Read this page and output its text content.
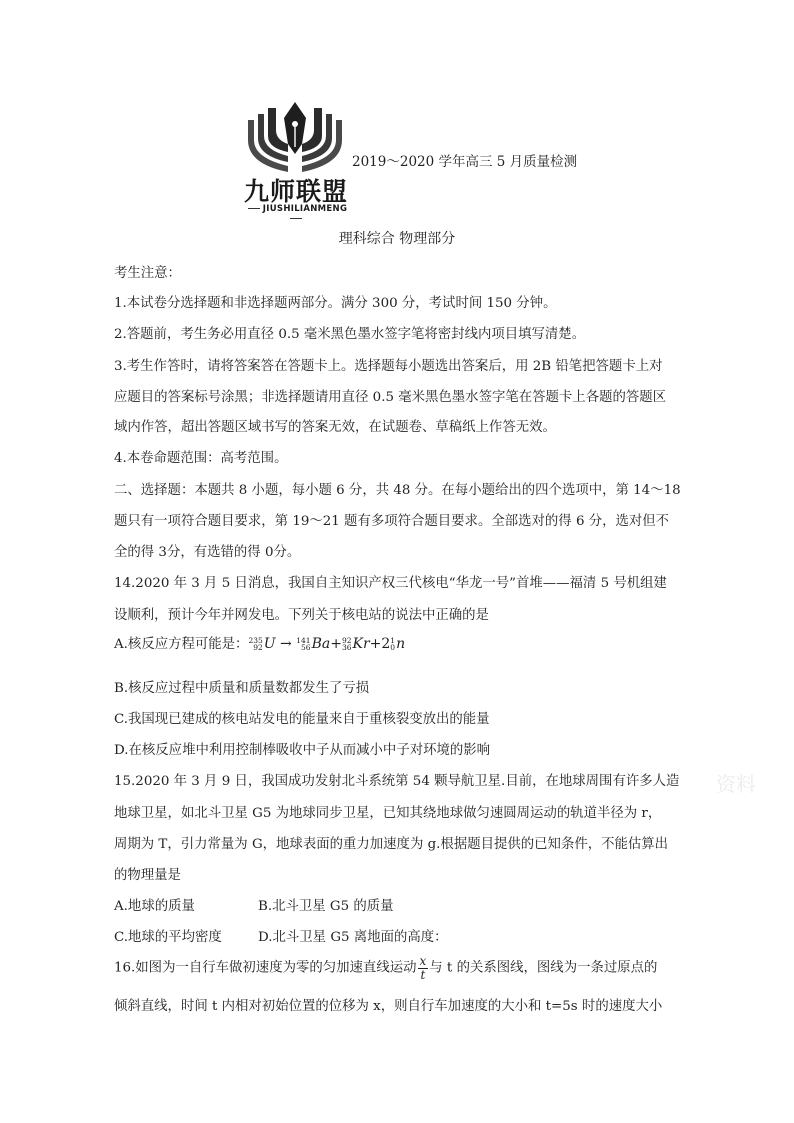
九师联盟
JIUSHILIANMENG
2019～2020 学年高三 5 月质量检测
理科综合 物理部分
考生注意：
1.本试卷分选择题和非选择题两部分。满分 300 分，考试时间 150 分钟。
2.答题前，考生务必用直径 0.5 毫米黑色墨水签字笔将密封线内项目填写清楚。
3.考生作答时，请将答案答在答题卡上。选择题每小题选出答案后，用 2B 铅笔把答题卡上对
应题目的答案标号涂黑；非选择题请用直径 0.5 毫米黑色墨水签字笔在答题卡上各题的答题区
域内作答，超出答题区域书写的答案无效，在试题卷、草稿纸上作答无效。
4.本卷命题范围：高考范围。
二、选择题：本题共 8 小题，每小题 6 分，共 48 分。在每小题给出的四个选项中，第 14～18
题只有一项符合题目要求，第 19～21 题有多项符合题目要求。全部选对的得 6 分，选对但不
全的得 3分，有选错的得 0分。
14.2020 年 3 月 5 日消息，我国自主知识产权三代核电“华龙一号”首堆——福清 5 号机组建
设顺利，预计今年并网发电。下列关于核电站的说法中正确的是
A.核反应方程可能是： 235
92 U → 141
56 Ba+ 92
36 Kr+2 1
0 n
B.核反应过程中质量和质量数都发生了亏损
C.我国现已建成的核电站发电的能量来自于重核裂变放出的能量
D.在核反应堆中利用控制棒吸收中子从而减小中子对环境的影响
15.2020 年 3 月 9 日，我国成功发射北斗系统第 54 颗导航卫星.目前，在地球周围有许多人造
地球卫星，如北斗卫星 G5 为地球同步卫星，已知其绕地球做匀速圆周运动的轨道半径为 r，
周期为 T，引力常量为 G，地球表面的重力加速度为 g.根据题目提供的已知条件，不能估算出
的物理量是
A.地球的质量	B.北斗卫星 G5 的质量
C.地球的平均密度	D.北斗卫星 G5 离地面的高度：
16.如图为一自行车做初速度为零的匀加速直线运动 $\frac{x}{t}$ 与 t 的关系图线，图线为一条过原点的
倾斜直线，时间 t 内相对初始位置的位移为 x，则自行车加速度的大小和 t=5s 时的速度大小
资料
